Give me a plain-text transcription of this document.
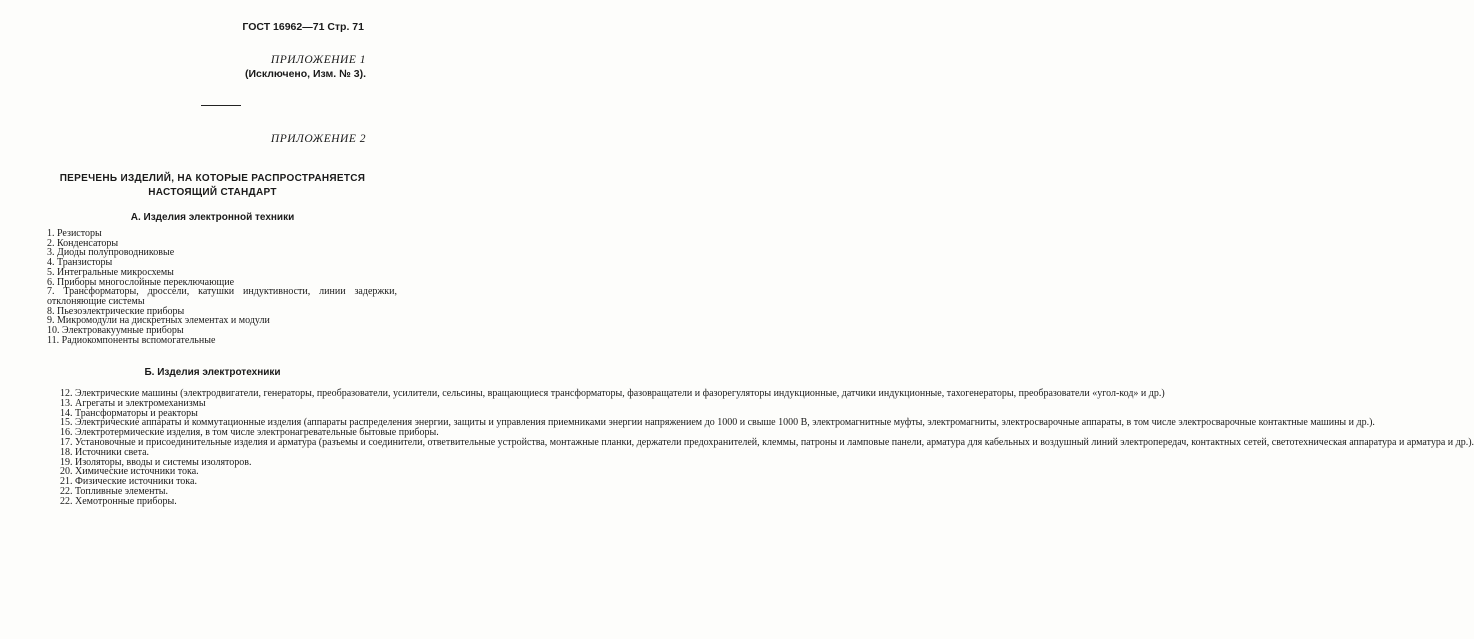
ГОСТ 16962—71 Стр. 71
ПРИЛОЖЕНИЕ 1
(Исключено, Изм. № 3).
ПРИЛОЖЕНИЕ 2
ПЕРЕЧЕНЬ ИЗДЕЛИЙ, НА КОТОРЫЕ РАСПРОСТРАНЯЕТСЯ НАСТОЯЩИЙ СТАНДАРТ
А. Изделия электронной техники
1. Резисторы
2. Конденсаторы
3. Диоды полупроводниковые
4. Транзисторы
5. Интегральные микросхемы
6. Приборы многослойные переключающие
7. Трансформаторы, дроссели, катушки индуктивности, линии задержки, отклоняющие системы
8. Пьезоэлектрические приборы
9. Микромодули на дискретных элементах и модули
10. Электровакуумные приборы
11. Радиокомпоненты вспомогательные
Б. Изделия электротехники
12. Электрические машины (электродвигатели, генераторы, преобразователи, усилители, сельсины, вращающиеся трансформаторы, фазовращатели и фазорегуляторы индукционные, датчики индукционные, тахогенераторы, преобразователи «угол-код» и др.)
13. Агрегаты и электромеханизмы
14. Трансформаторы и реакторы
15. Электрические аппараты и коммутационные изделия (аппараты распределения энергии, защиты и управления приемниками энергии напряжением до 1000 и свыше 1000 В, электромагнитные муфты, электромагниты, электросварочные аппараты, в том числе электросварочные контактные машины и др.).
16. Электротермические изделия, в том числе электронагревательные бытовые приборы.
17. Установочные и присоединительные изделия и арматура (разъемы и соединители, ответвительные устройства, монтажные планки, держатели предохранителей, клеммы, патроны и ламповые панели, арматура для кабельных и воздушный линий электропередач, контактных сетей, светотехническая аппаратура и арматура и др.).
18. Источники света.
19. Изоляторы, вводы и системы изоляторов.
20. Химические источники тока.
21. Физические источники тока.
22. Топливные элементы.
22. Хемотронные приборы.
